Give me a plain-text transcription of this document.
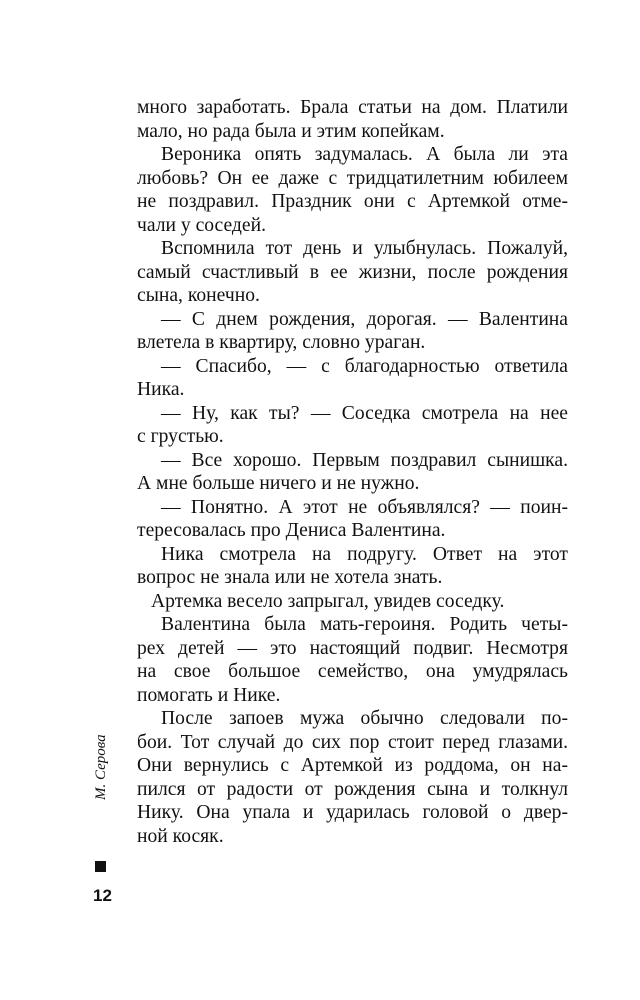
много заработать. Брала статьи на дом. Платили
мало, но рада была и этим копейкам.
Вероника опять задумалась. А была ли эта
любовь? Он ее даже с тридцатилетним юбилеем
не поздравил. Праздник они с Артемкой отме-
чали у соседей.
Вспомнила тот день и улыбнулась. Пожалуй,
самый счастливый в ее жизни, после рождения
сына, конечно.
— С днем рождения, дорогая. — Валентина
влетела в квартиру, словно ураган.
— Спасибо, — с благодарностью ответила
Ника.
— Ну, как ты? — Соседка смотрела на нее
с грустью.
— Все хорошо. Первым поздравил сынишка.
А мне больше ничего и не нужно.
— Понятно. А этот не объявлялся? — поин-
тересовалась про Дениса Валентина.
Ника смотрела на подругу. Ответ на этот
вопрос не знала или не хотела знать.
Артемка весело запрыгал, увидев соседку.
Валентина была мать-героиня. Родить четы-
рех детей — это настоящий подвиг. Несмотря
на свое большое семейство, она умудрялась
помогать и Нике.
После запоев мужа обычно следовали по-
бои. Тот случай до сих пор стоит перед глазами.
Они вернулись с Артемкой из роддома, он на-
пился от радости от рождения сына и толкнул
Нику. Она упала и ударилась головой о двер-
ной косяк.
М. Серова
12
